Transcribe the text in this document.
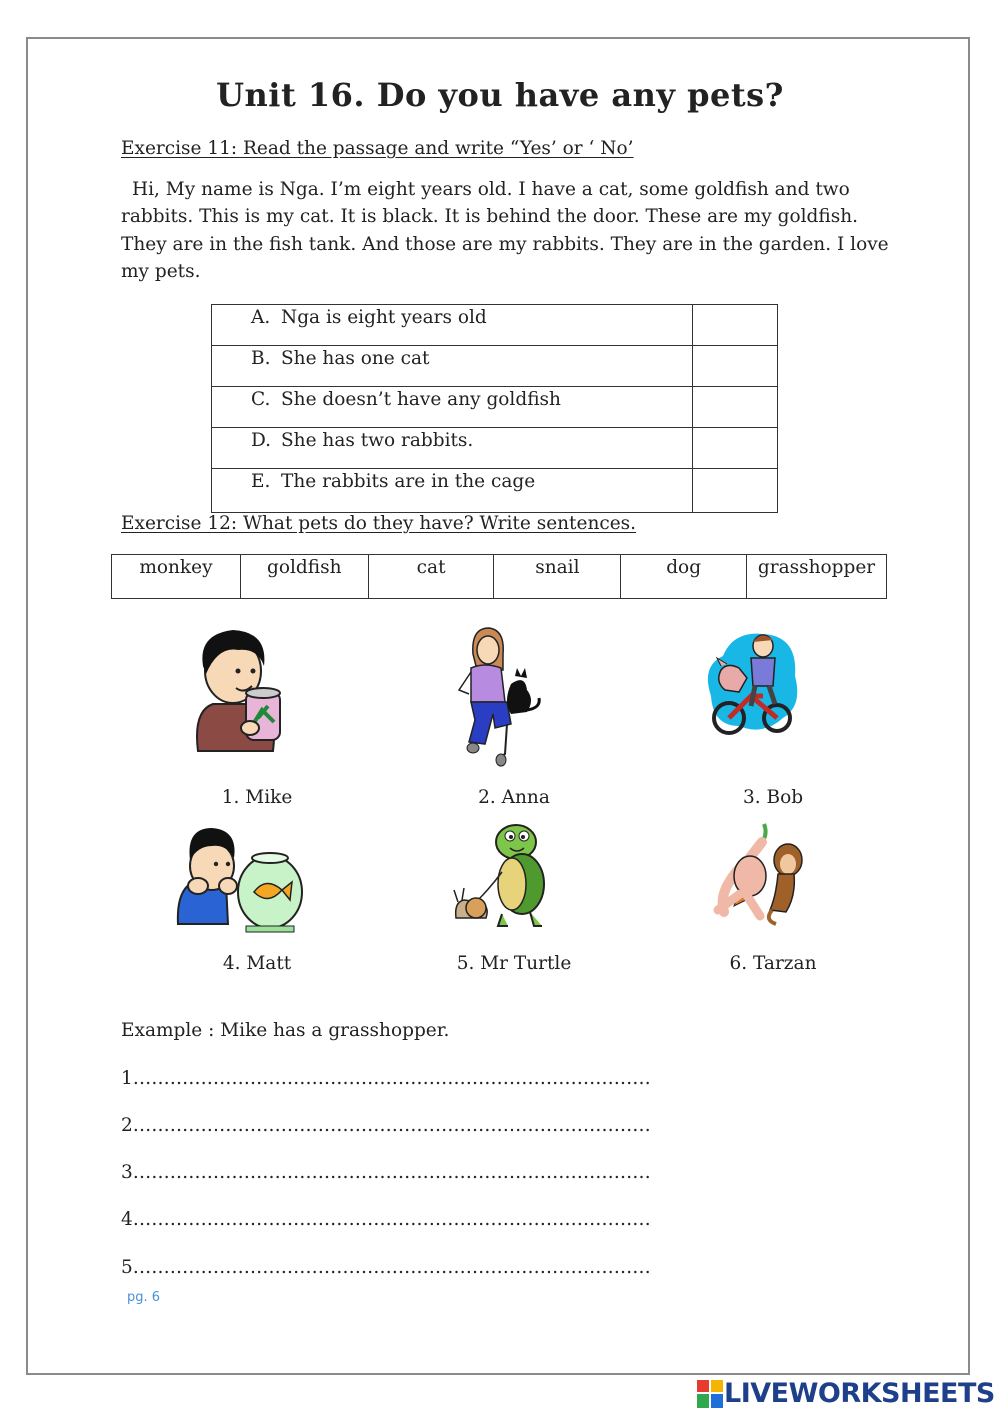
Unit 16. Do you have any pets?

Exercise 11: Read the passage and write “Yes’ or ‘ No’

Hi, My name is Nga. I’m eight years old. I have a cat, some goldfish and two rabbits. This is my cat. It is black. It is behind the door. These are my goldfish. They are in the fish tank. And those are my rabbits. They are in the garden. I love my pets.

A. Nga is eight years old	
B. She has one cat	
C. She doesn’t have any goldfish	
D. She has two rabbits.	
E. The rabbits are in the cage	

Exercise 12: What pets do they have? Write sentences.

monkey	goldfish	cat	snail	dog	grasshopper
1. Mike	2. Anna	3. Bob
4. Matt	5. Mr Turtle	6. Tarzan
Example : Mike has a grasshopper.
1…………………………………………………………………………
2…………………………………………………………………………
3…………………………………………………………………………
4…………………………………………………………………………
5…………………………………………………………………………
pg. 6
LIVEWORKSHEETS
